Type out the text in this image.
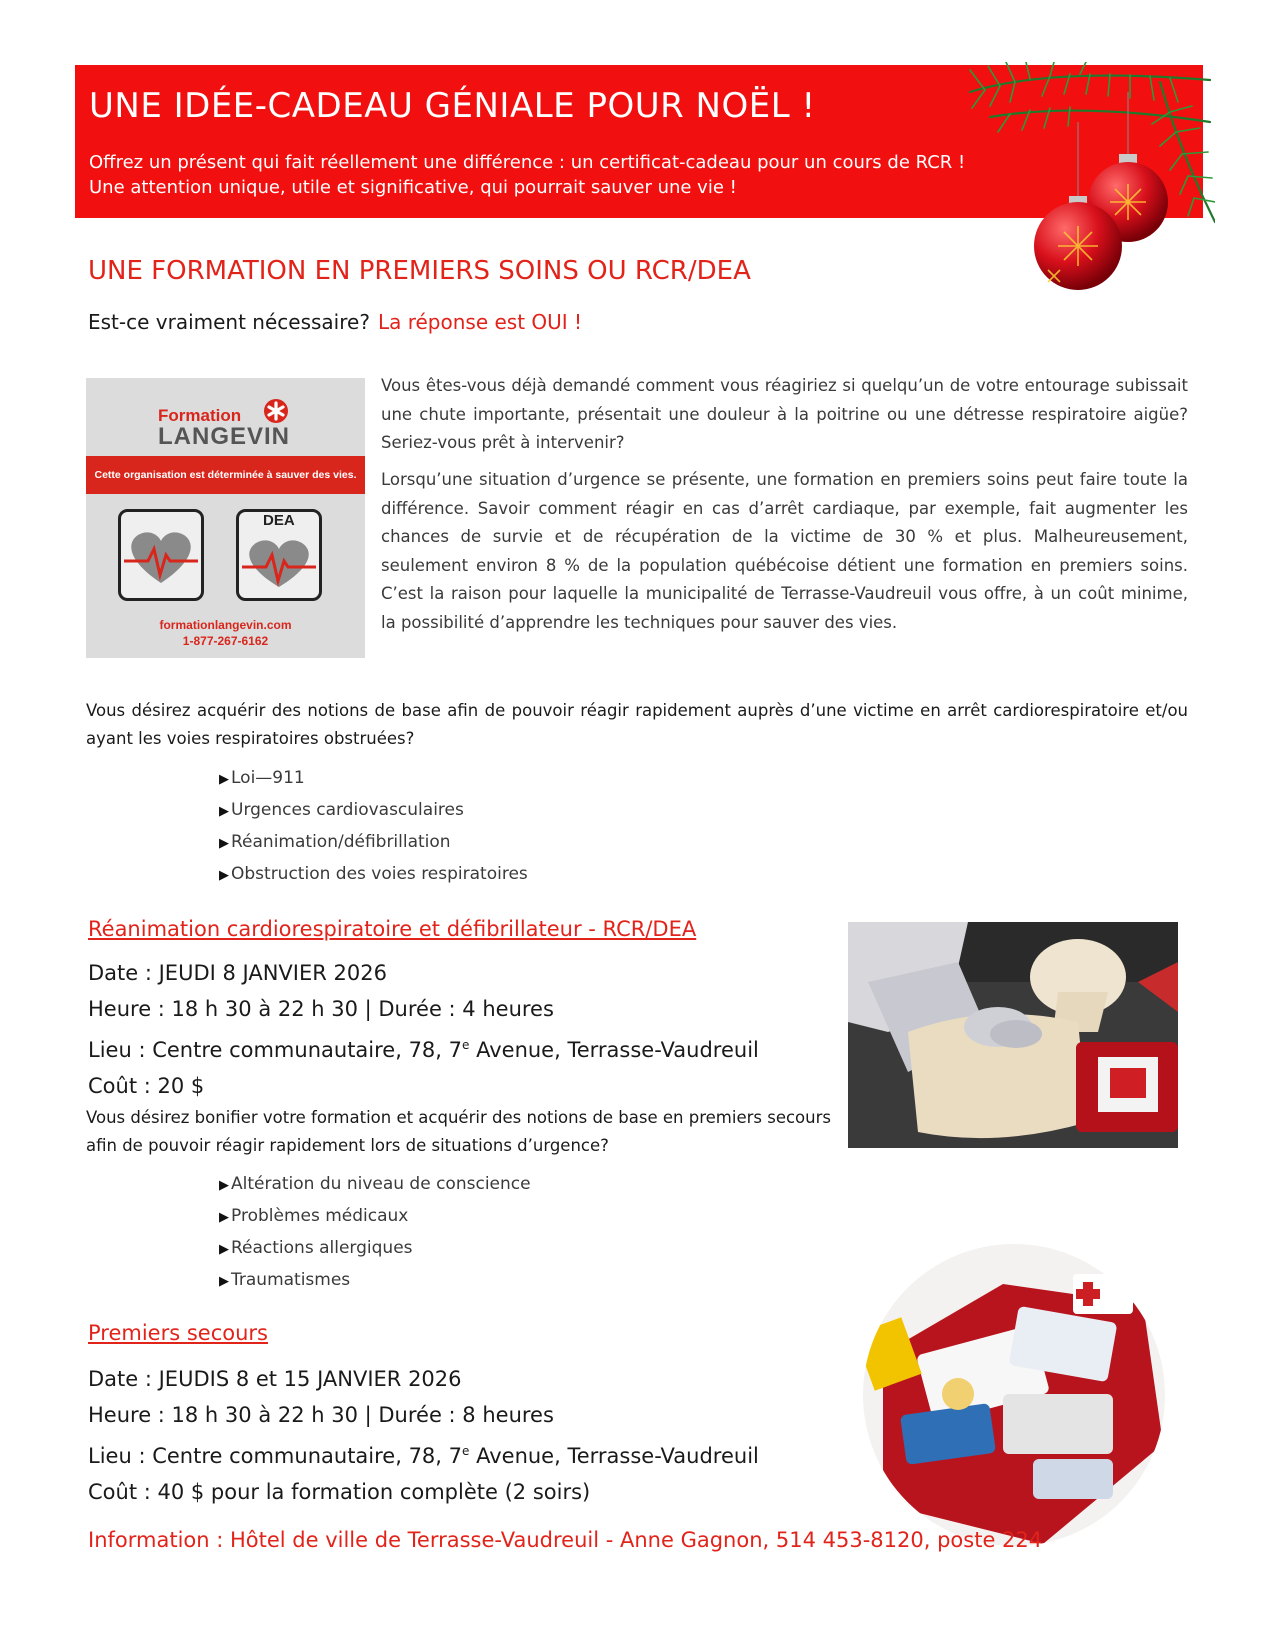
UNE IDÉE-CADEAU GÉNIALE POUR NOËL !
Offrez un présent qui fait réellement une différence : un certificat-cadeau pour un cours de RCR !
Une attention unique, utile et significative, qui pourrait sauver une vie !
UNE FORMATION EN PREMIERS SOINS OU RCR/DEA
Est-ce vraiment nécessaire? La réponse est OUI !
Formation
LANGEVIN
Cette organisation est déterminée à sauver des vies.
DEA
formationlangevin.com
1-877-267-6162
Vous êtes-vous déjà demandé comment vous réagiriez si quelqu’un de votre entourage subissait une chute importante, présentait une douleur à la poitrine ou une détresse respiratoire aigüe? Seriez-vous prêt à intervenir?
Lorsqu’une situation d’urgence se présente, une formation en premiers soins peut faire toute la différence. Savoir comment réagir en cas d’arrêt cardiaque, par exemple, fait augmenter les chances de survie et de récupération de la victime de 30 % et plus. Malheureusement, seulement environ 8 % de la population québécoise détient une formation en premiers soins. C’est la raison pour laquelle la municipalité de Terrasse-Vaudreuil vous offre, à un coût minime, la possibilité d’apprendre les techniques pour sauver des vies.
Vous désirez acquérir des notions de base afin de pouvoir réagir rapidement auprès d’une victime en arrêt cardiorespiratoire et/ou ayant les voies respiratoires obstruées?
▶ Loi—911
▶ Urgences cardiovasculaires
▶ Réanimation/défibrillation
▶ Obstruction des voies respiratoires
Réanimation cardiorespiratoire et défibrillateur - RCR/DEA
Date : JEUDI 8 JANVIER 2026
Heure : 18 h 30 à 22 h 30 | Durée : 4 heures
Lieu : Centre communautaire, 78, 7e Avenue, Terrasse-Vaudreuil
Coût : 20 $
Vous désirez bonifier votre formation et acquérir des notions de base en premiers secours afin de pouvoir réagir rapidement lors de situations d’urgence?
▶ Altération du niveau de conscience
▶ Problèmes médicaux
▶ Réactions allergiques
▶ Traumatismes
Premiers secours
Date : JEUDIS 8 et 15 JANVIER 2026
Heure : 18 h 30 à 22 h 30 | Durée : 8 heures
Lieu : Centre communautaire, 78, 7e Avenue, Terrasse-Vaudreuil
Coût : 40 $ pour la formation complète (2 soirs)
Information : Hôtel de ville de Terrasse-Vaudreuil - Anne Gagnon, 514 453-8120, poste 224
